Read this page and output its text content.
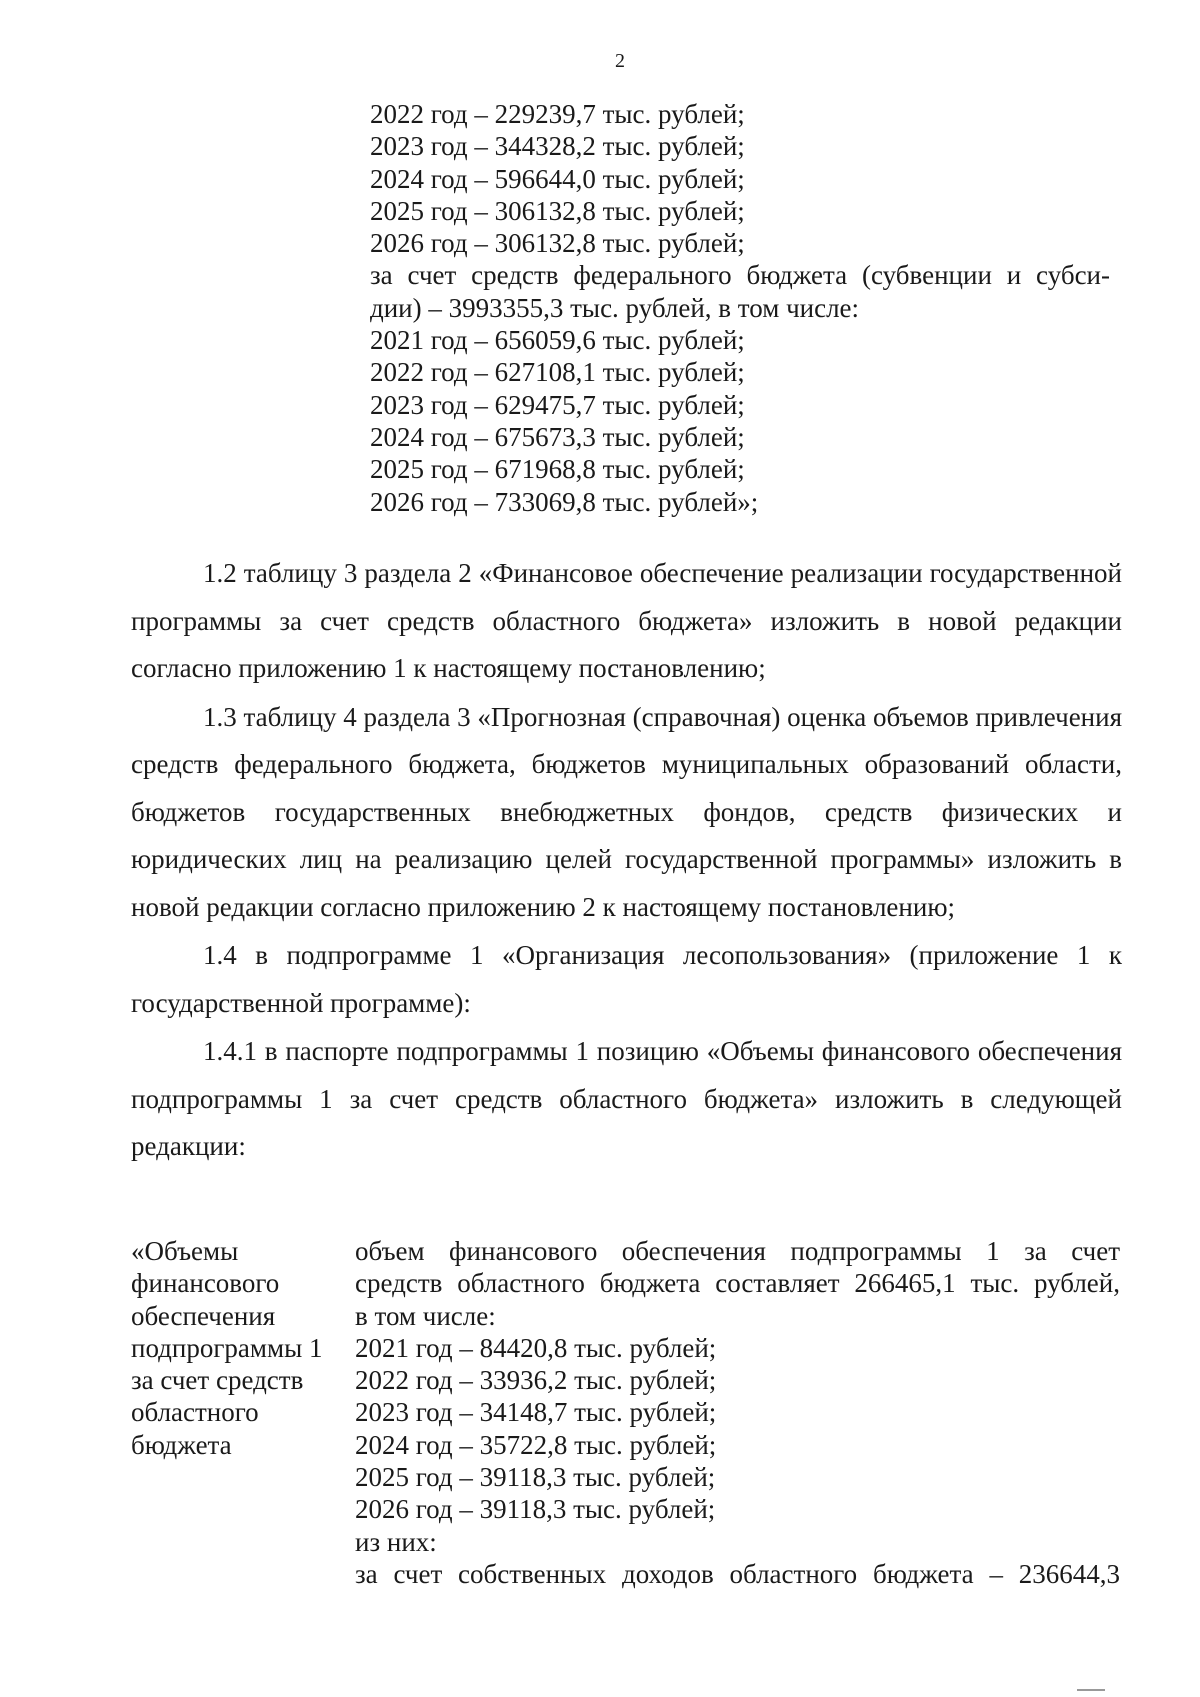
2
2022 год – 229239,7 тыс. рублей;
2023 год – 344328,2 тыс. рублей;
2024 год – 596644,0 тыс. рублей;
2025 год – 306132,8 тыс. рублей;
2026 год – 306132,8 тыс. рублей;
за счет средств федерального бюджета (субвенции и субси-
дии) – 3993355,3 тыс. рублей, в том числе:
2021 год – 656059,6 тыс. рублей;
2022 год – 627108,1 тыс. рублей;
2023 год – 629475,7 тыс. рублей;
2024 год – 675673,3 тыс. рублей;
2025 год – 671968,8 тыс. рублей;
2026 год – 733069,8 тыс. рублей»;

1.2 таблицу 3 раздела 2 «Финансовое обеспечение реализации государственной программы за счет средств областного бюджета» изложить в новой редакции согласно приложению 1 к настоящему постановлению;

1.3 таблицу 4 раздела 3 «Прогнозная (справочная) оценка объемов привлечения средств федерального бюджета, бюджетов муниципальных образований области, бюджетов государственных внебюджетных фондов, средств физических и юридических лиц на реализацию целей государственной программы» изложить в новой редакции согласно приложению 2 к настоящему постановлению;

1.4 в подпрограмме 1 «Организация лесопользования» (приложение 1 к государственной программе):

1.4.1 в паспорте подпрограммы 1 позицию «Объемы финансового обеспечения подпрограммы 1 за счет средств областного бюджета» изложить в следующей редакции:

«Объемы
финансового
обеспечения
подпрограммы 1
за счет средств
областного
бюджета
объем финансового обеспечения подпрограммы 1 за счет
средств областного бюджета составляет 266465,1 тыс. рублей,
в том числе:
2021 год – 84420,8 тыс. рублей;
2022 год – 33936,2 тыс. рублей;
2023 год – 34148,7 тыс. рублей;
2024 год – 35722,8 тыс. рублей;
2025 год – 39118,3 тыс. рублей;
2026 год – 39118,3 тыс. рублей;
из них:
за счет собственных доходов областного бюджета – 236644,3
